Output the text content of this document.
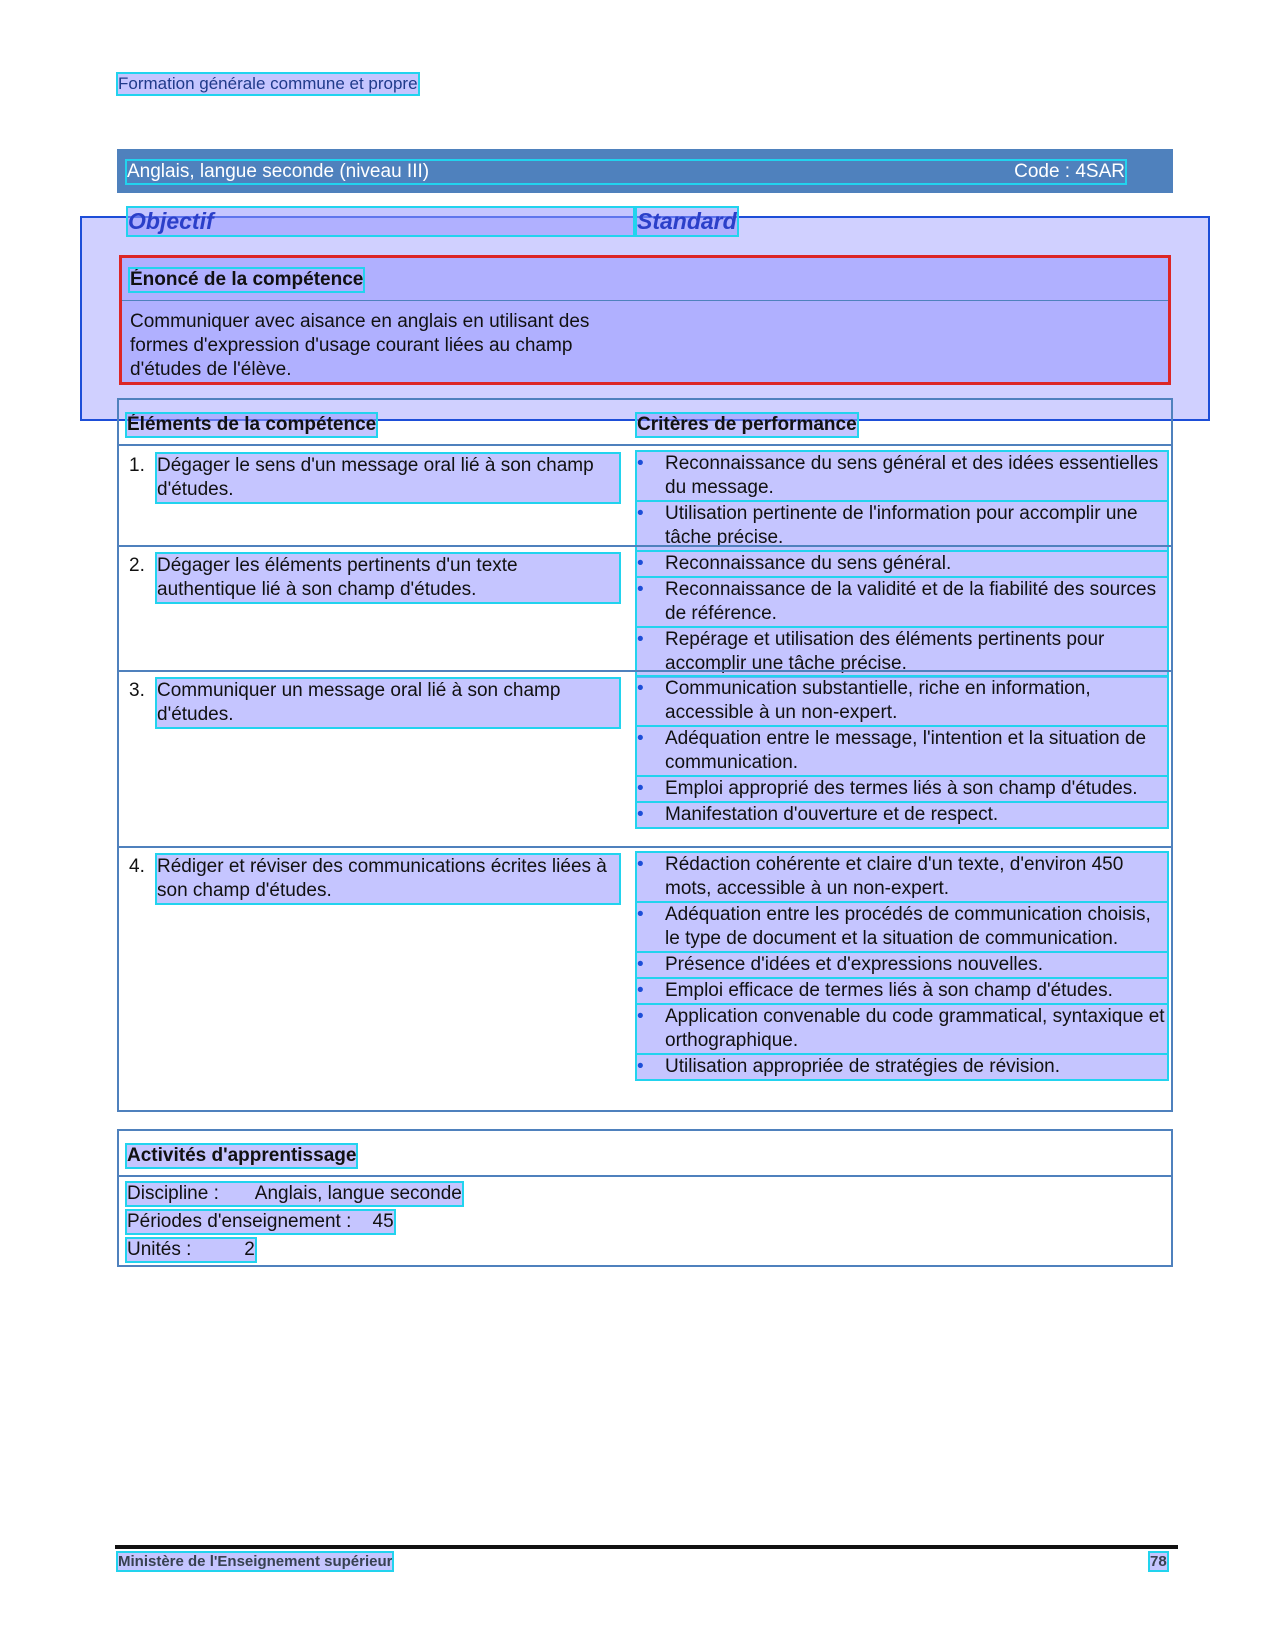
Formation générale commune et propre
Anglais, langue seconde (niveau III)	Code : 4SAR
Objectif	Standard
Énoncé de la compétence
Communiquer avec aisance en anglais en utilisant des formes d'expression d'usage courant liées au champ d'études de l'élève.
Éléments de la compétence	Critères de performance
1. Dégager le sens d'un message oral lié à son champ d'études.
• Reconnaissance du sens général et des idées essentielles du message.
• Utilisation pertinente de l'information pour accomplir une tâche précise.
2. Dégager les éléments pertinents d'un texte authentique lié à son champ d'études.
• Reconnaissance du sens général.
• Reconnaissance de la validité et de la fiabilité des sources de référence.
• Repérage et utilisation des éléments pertinents pour accomplir une tâche précise.
3. Communiquer un message oral lié à son champ d'études.
• Communication substantielle, riche en information, accessible à un non-expert.
• Adéquation entre le message, l'intention et la situation de communication.
• Emploi approprié des termes liés à son champ d'études.
• Manifestation d'ouverture et de respect.
4. Rédiger et réviser des communications écrites liées à son champ d'études.
• Rédaction cohérente et claire d'un texte, d'environ 450 mots, accessible à un non-expert.
• Adéquation entre les procédés de communication choisis, le type de document et la situation de communication.
• Présence d'idées et d'expressions nouvelles.
• Emploi efficace de termes liés à son champ d'études.
• Application convenable du code grammatical, syntaxique et orthographique.
• Utilisation appropriée de stratégies de révision.
Activités d'apprentissage
Discipline : Anglais, langue seconde
Périodes d'enseignement : 45
Unités :	2
Ministère de l'Enseignement supérieur	78
